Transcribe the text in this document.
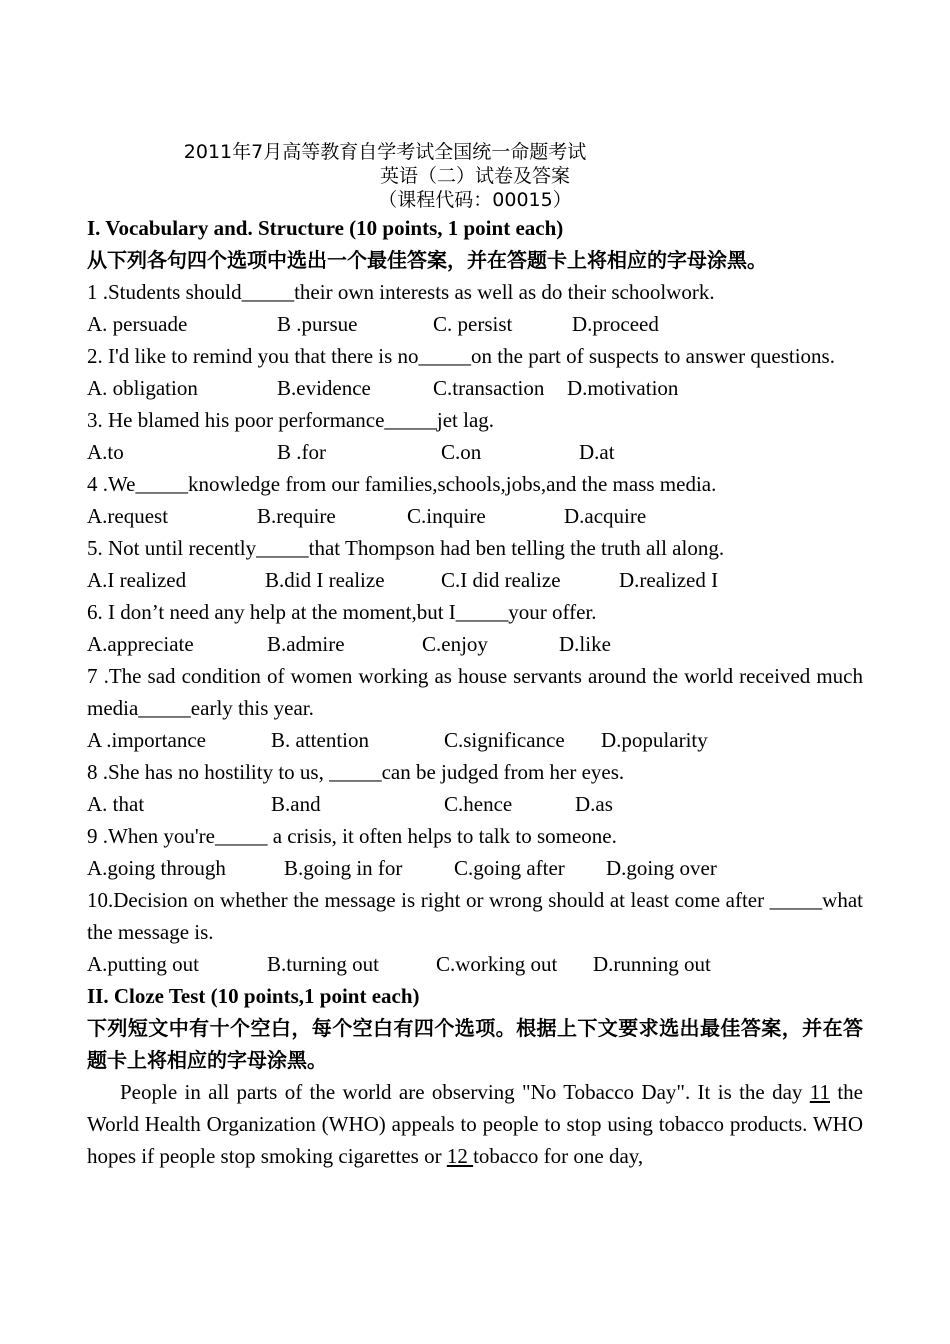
2011年7月高等教育自学考试全国统一命题考试
英语（二）试卷及答案
（课程代码：00015）
I. Vocabulary and. Structure (10 points, 1 point each)
从下列各句四个选项中选出一个最佳答案，并在答题卡上将相应的字母涂黑。
1 .Students should_____their own interests as well as do their schoolwork.
A. persuade	B .pursue	C. persist	D.proceed
2. I'd like to remind you that there is no_____on the part of suspects to answer questions.
A. obligation	B.evidence	C.transaction	D.motivation
3. He blamed his poor performance_____jet lag.
A.to	B .for	C.on	D.at
4 .We_____knowledge from our families,schools,jobs,and the mass media.
A.request	B.require	C.inquire	D.acquire
5. Not until recently_____that Thompson had ben telling the truth all along.
A.I realized	B.did I realize	C.I did realize	D.realized I
6. I don’t need any help at the moment,but I_____your offer.
A.appreciate	B.admire	C.enjoy	D.like
7 .The sad condition of women working as house servants around the world received much media_____early this year.
A .importance	B. attention	C.significance	D.popularity
8 .She has no hostility to us, _____can be judged from her eyes.
A. that	B.and	C.hence	D.as
9 .When you're_____ a crisis, it often helps to talk to someone.
A.going through	B.going in for	C.going after	D.going over
10.Decision on whether the message is right or wrong should at least come after _____what the message is.
A.putting out	B.turning out	C.working out	D.running out
II. Cloze Test (10 points,1 point each)
下列短文中有十个空白，每个空白有四个选项。根据上下文要求选出最佳答案，并在答题卡上将相应的字母涂黑。
People in all parts of the world are observing "No Tobacco Day". It is the day 11 the World Health Organization (WHO) appeals to people to stop using tobacco products. WHO hopes if people stop smoking cigarettes or 12 tobacco for one day,
